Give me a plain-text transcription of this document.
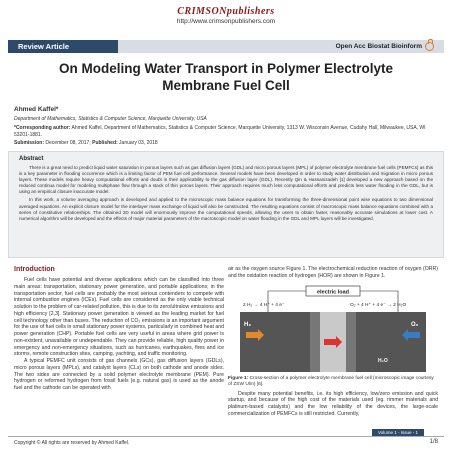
CRIMSONpublishers
http://www.crimsonpublishers.com
Review Article	Open Acc Biostat Bioinform
On Modeling Water Transport in Polymer Electrolyte
Membrane Fuel Cell
Ahmed Kaffel*
Department of Mathematics, Statistics & Computer Science, Marquette University, USA
*Corresponding author: Ahmed Kaffel, Department of Mathematics, Statistics & Computer Science, Marquette University, 1313 W. Wisconsin Avenue, Cudahy Hall, Milwaukee, USA, WI 53201-1881.
Submission: December 08, 2017; Published: January 03, 2018
Abstract

There is a great need to predict liquid water saturation in porous layers such as gas diffusion layers (GDL) and micro porous layers (MPL) of polymer electrolyte membrane fuel cells (PEMFCs) as this is a key parameter in flooding occurrence which is a limiting factor of PEM fuel cell performance. Several models have been developed in order to study water distribution and migration in micro porous layers. These models require heavy computational efforts and doubt in their applicability to the gas diffusion layer (GDL). Recently Qin & Hassanizadeh [1] developed a new approach based on the reduced continua model for modeling multiphase flow through a stack of thin porous layers. Their approach requires much less computational efforts and predicts less water flooding in the GDL, but is using an empirical closure inaccurate model.

In this work, a volume averaging approach is developed and applied to the microscopic mass balance equations for transforming the three-dimensional point wise equations to two dimensional averaged equations. An explicit closure model for the interlayer mass exchange of liquid will also be constructed. The resulting equations consist of macroscopic mass balance equations combined with a series of constitutive relationships. The obtained 2D model will enormously improve the computational speeds, allowing the users to obtain faster, reasonably accurate simulations at lower cost. A numerical algorithm will be developed and the effects of major material parameters of the macroscopic model on water flooding in the GDL and MPL layers will be investigated.

Introduction

Fuel cells have potential and diverse applications which can be classified into three main areas: transportation, stationary power generation, and portable applications; in the transportation sector, fuel cells are probably the most serious contenders to compete with internal combustion engines (ICEs). Fuel cells are considered as the only viable technical solution to the problem of car-related pollution, this is due to its zero/ultralow emissions and high efficiency [2,3]. Stationary power generation is viewed as the leading market for fuel cell technology other than buses. The reduction of CO₂ emissions is an important argument for the use of fuel cells in small stationary power systems, particularly in combined heat and power generation (CHP). Portable fuel cells are very useful in areas where grid power is non-existent, unavailable or undependable. They can provide reliable, high quality power in emergency and non-emergency situations, such as hurricanes, earthquakes, fires and ice storms, remote construction sites, camping, yachting, and traffic monitoring.

A typical PEMFC unit consists of gas channels (GCs), gas diffusion layers (GDLs), micro porous layers (MPLs), and catalyst layers (CLs) on both cathode and anode sides. The two sides are connected by a solid polymer electrolyte membrane (PEM). Pure hydrogen or reformed hydrogen from fossil fuels (e.g. natural gas) is used as the anode fuel and the cathode can be operated with

air as the oxygen source Figure 1. The electrochemical reduction reaction of oxygen (ORR) and the oxidation reaction of hydrogen (HOR) are shown in Figure 1.

electric load
2 H₂ → 4 H⁺ + 4 e⁻	O₂ + 4 H⁺ + 4 e⁻ → 2 H₂O
H₂	O₂
H₂O
Figure 1: Cross-section of a polymer electrolyte membrane fuel cell (microscopic image courtesy of ZSW Ulm) [6].

Despite many potential benefits, i.e. its high efficiency, low/zero emission and quick startup, and because of the high cost of the materials used (eg. rimmer materials and platinum-based catalysts) and the low reliability of the devices, the large-scale commercialization of PEMFCs is still restricted. Currently,

Volume 1 - Issue - 1
Copyright © All rights are reserved by Ahmed Kaffel.	1/8
